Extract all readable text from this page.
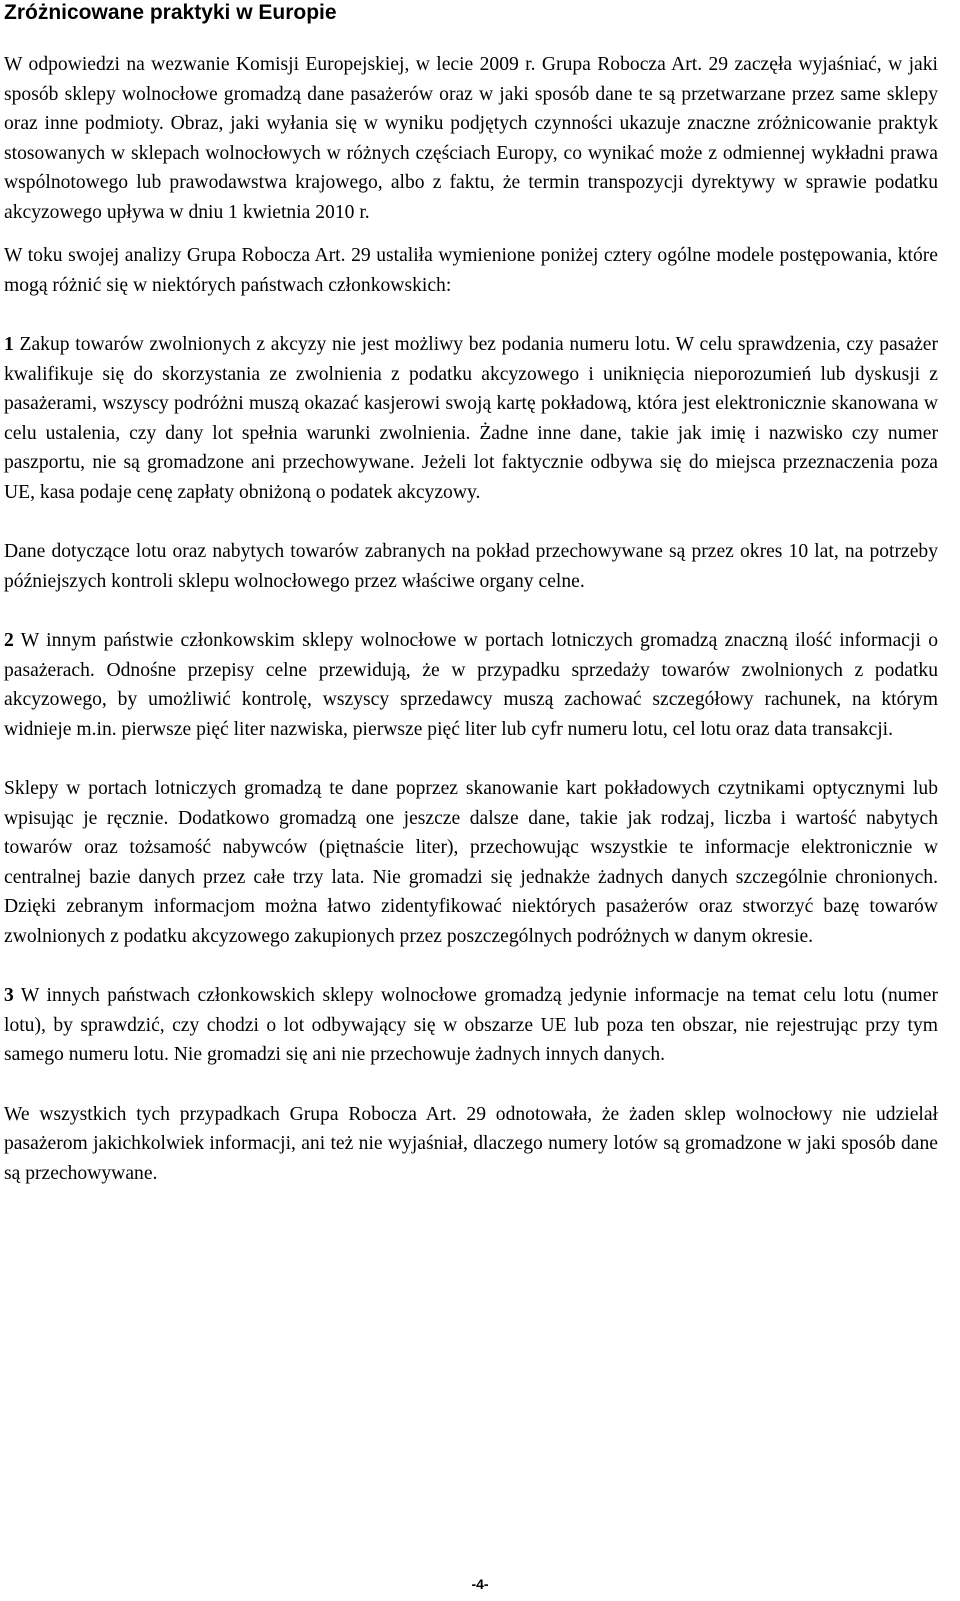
Zróżnicowane praktyki w Europie

W odpowiedzi na wezwanie Komisji Europejskiej, w lecie 2009 r. Grupa Robocza Art. 29 zaczęła wyjaśniać, w jaki sposób sklepy wolnocłowe gromadzą dane pasażerów oraz w jaki sposób dane te są przetwarzane przez same sklepy oraz inne podmioty. Obraz, jaki wyłania się w wyniku podjętych czynności ukazuje znaczne zróżnicowanie praktyk stosowanych w sklepach wolnocłowych w różnych częściach Europy, co wynikać może z odmiennej wykładni prawa wspólnotowego lub prawodawstwa krajowego, albo z faktu, że termin transpozycji dyrektywy w sprawie podatku akcyzowego upływa w dniu 1 kwietnia 2010 r.

W toku swojej analizy Grupa Robocza Art. 29 ustaliła wymienione poniżej cztery ogólne modele postępowania, które mogą różnić się w niektórych państwach członkowskich:

1 Zakup towarów zwolnionych z akcyzy nie jest możliwy bez podania numeru lotu. W celu sprawdzenia, czy pasażer kwalifikuje się do skorzystania ze zwolnienia z podatku akcyzowego i uniknięcia nieporozumień lub dyskusji z pasażerami, wszyscy podróżni muszą okazać kasjerowi swoją kartę pokładową, która jest elektronicznie skanowana w celu ustalenia, czy dany lot spełnia warunki zwolnienia. Żadne inne dane, takie jak imię i nazwisko czy numer paszportu, nie są gromadzone ani przechowywane. Jeżeli lot faktycznie odbywa się do miejsca przeznaczenia poza UE, kasa podaje cenę zapłaty obniżoną o podatek akcyzowy.

Dane dotyczące lotu oraz nabytych towarów zabranych na pokład przechowywane są przez okres 10 lat, na potrzeby późniejszych kontroli sklepu wolnocłowego przez właściwe organy celne.

2 W innym państwie członkowskim sklepy wolnocłowe w portach lotniczych gromadzą znaczną ilość informacji o pasażerach. Odnośne przepisy celne przewidują, że w przypadku sprzedaży towarów zwolnionych z podatku akcyzowego, by umożliwić kontrolę, wszyscy sprzedawcy muszą zachować szczegółowy rachunek, na którym widnieje m.in. pierwsze pięć liter nazwiska, pierwsze pięć liter lub cyfr numeru lotu, cel lotu oraz data transakcji.

Sklepy w portach lotniczych gromadzą te dane poprzez skanowanie kart pokładowych czytnikami optycznymi lub wpisując je ręcznie. Dodatkowo gromadzą one jeszcze dalsze dane, takie jak rodzaj, liczba i wartość nabytych towarów oraz tożsamość nabywców (piętnaście liter), przechowując wszystkie te informacje elektronicznie w centralnej bazie danych przez całe trzy lata. Nie gromadzi się jednakże żadnych danych szczególnie chronionych. Dzięki zebranym informacjom można łatwo zidentyfikować niektórych pasażerów oraz stworzyć bazę towarów zwolnionych z podatku akcyzowego zakupionych przez poszczególnych podróżnych w danym okresie.

3 W innych państwach członkowskich sklepy wolnocłowe gromadzą jedynie informacje na temat celu lotu (numer lotu), by sprawdzić, czy chodzi o lot odbywający się w obszarze UE lub poza ten obszar, nie rejestrując przy tym samego numeru lotu. Nie gromadzi się ani nie przechowuje żadnych innych danych.

We wszystkich tych przypadkach Grupa Robocza Art. 29 odnotowała, że żaden sklep wolnocłowy nie udzielał pasażerom jakichkolwiek informacji, ani też nie wyjaśniał, dlaczego numery lotów są gromadzone w jaki sposób dane są przechowywane.

-4-
